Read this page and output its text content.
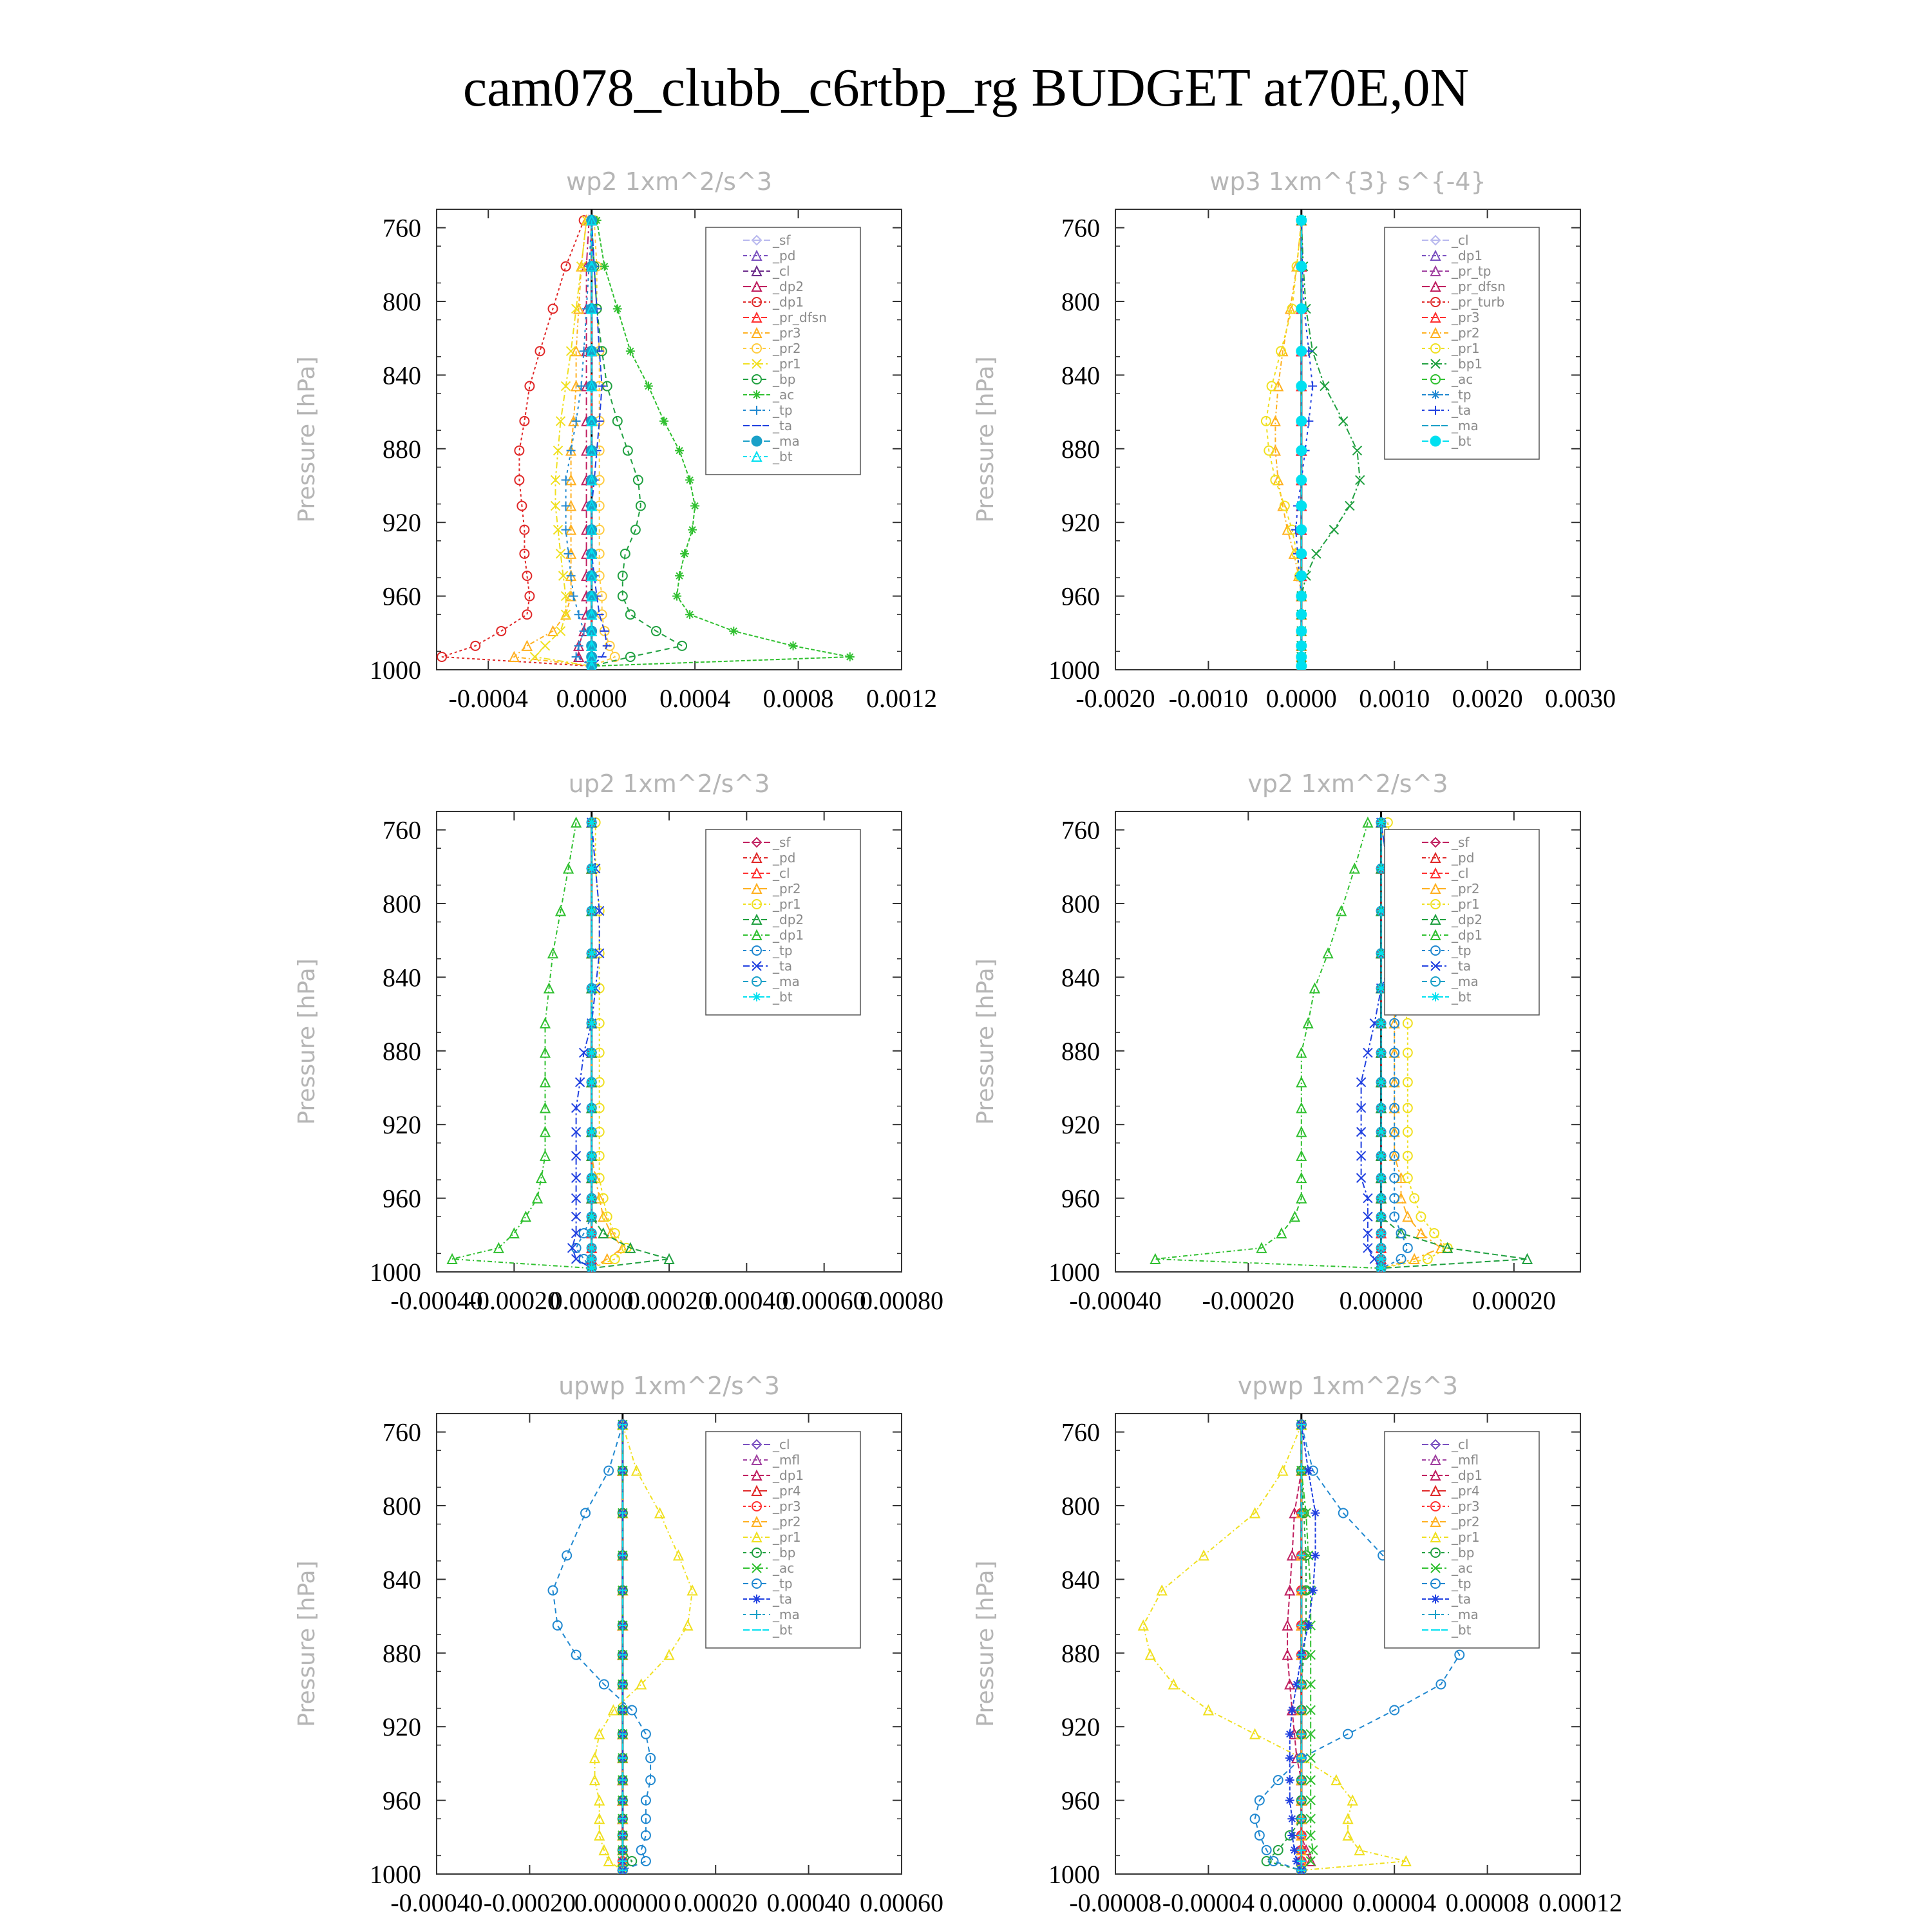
cam078_clubb_c6rtbp_rg BUDGET at70E,0N
wp2 1xm^2/s^3
Pressure [hPa]
760
800
840
880
920
960
1000
-0.0004 0.0000 0.0004 0.0008 0.0012
_sf
_pd
_cl
_dp2
_dp1
_pr_dfsn
_pr3
_pr2
_pr1
_bp
_ac
_tp
_ta
_ma
_bt
wp3 1xm^{3} s^{-4}
Pressure [hPa]
760
800
840
880
920
960
1000
-0.0020 -0.0010 0.0000 0.0010 0.0020 0.0030
_cl
_dp1
_pr_tp
_pr_dfsn
_pr_turb
_pr3
_pr2
_pr1
_bp1
_ac
_tp
_ta
_ma
_bt
up2 1xm^2/s^3
Pressure [hPa]
760
800
840
880
920
960
1000
-0.00040
-0.00020
0.00000
0.00020
0.00040
0.00060
0.00080
_sf
_pd
_cl
_pr2
_pr1
_dp2
_dp1
_tp
_ta
_ma
_bt
vp2 1xm^2/s^3
Pressure [hPa]
760
800
840
880
920
960
1000
-0.00040 -0.00020 0.00000 0.00020
_sf
_pd
_cl
_pr2
_pr1
_dp2
_dp1
_tp
_ta
_ma
_bt
upwp 1xm^2/s^3
Pressure [hPa]
760
800
840
880
920
960
1000
-0.00040 -0.00020
0.000000 0.00020 0.00040 0.00060
_cl
_mfl
_dp1
_pr4
_pr3
_pr2
_pr1
_bp
_ac
_tp
_ta
_ma
_bt
vpwp 1xm^2/s^3
Pressure [hPa]
760
800
840
880
920
960
1000
-0.00008 -0.00004 0.00000 0.00004 0.00008 0.00012
_cl
_mfl
_dp1
_pr4
_pr3
_pr2
_pr1
_bp
_ac
_tp
_ta
_ma
_bt
